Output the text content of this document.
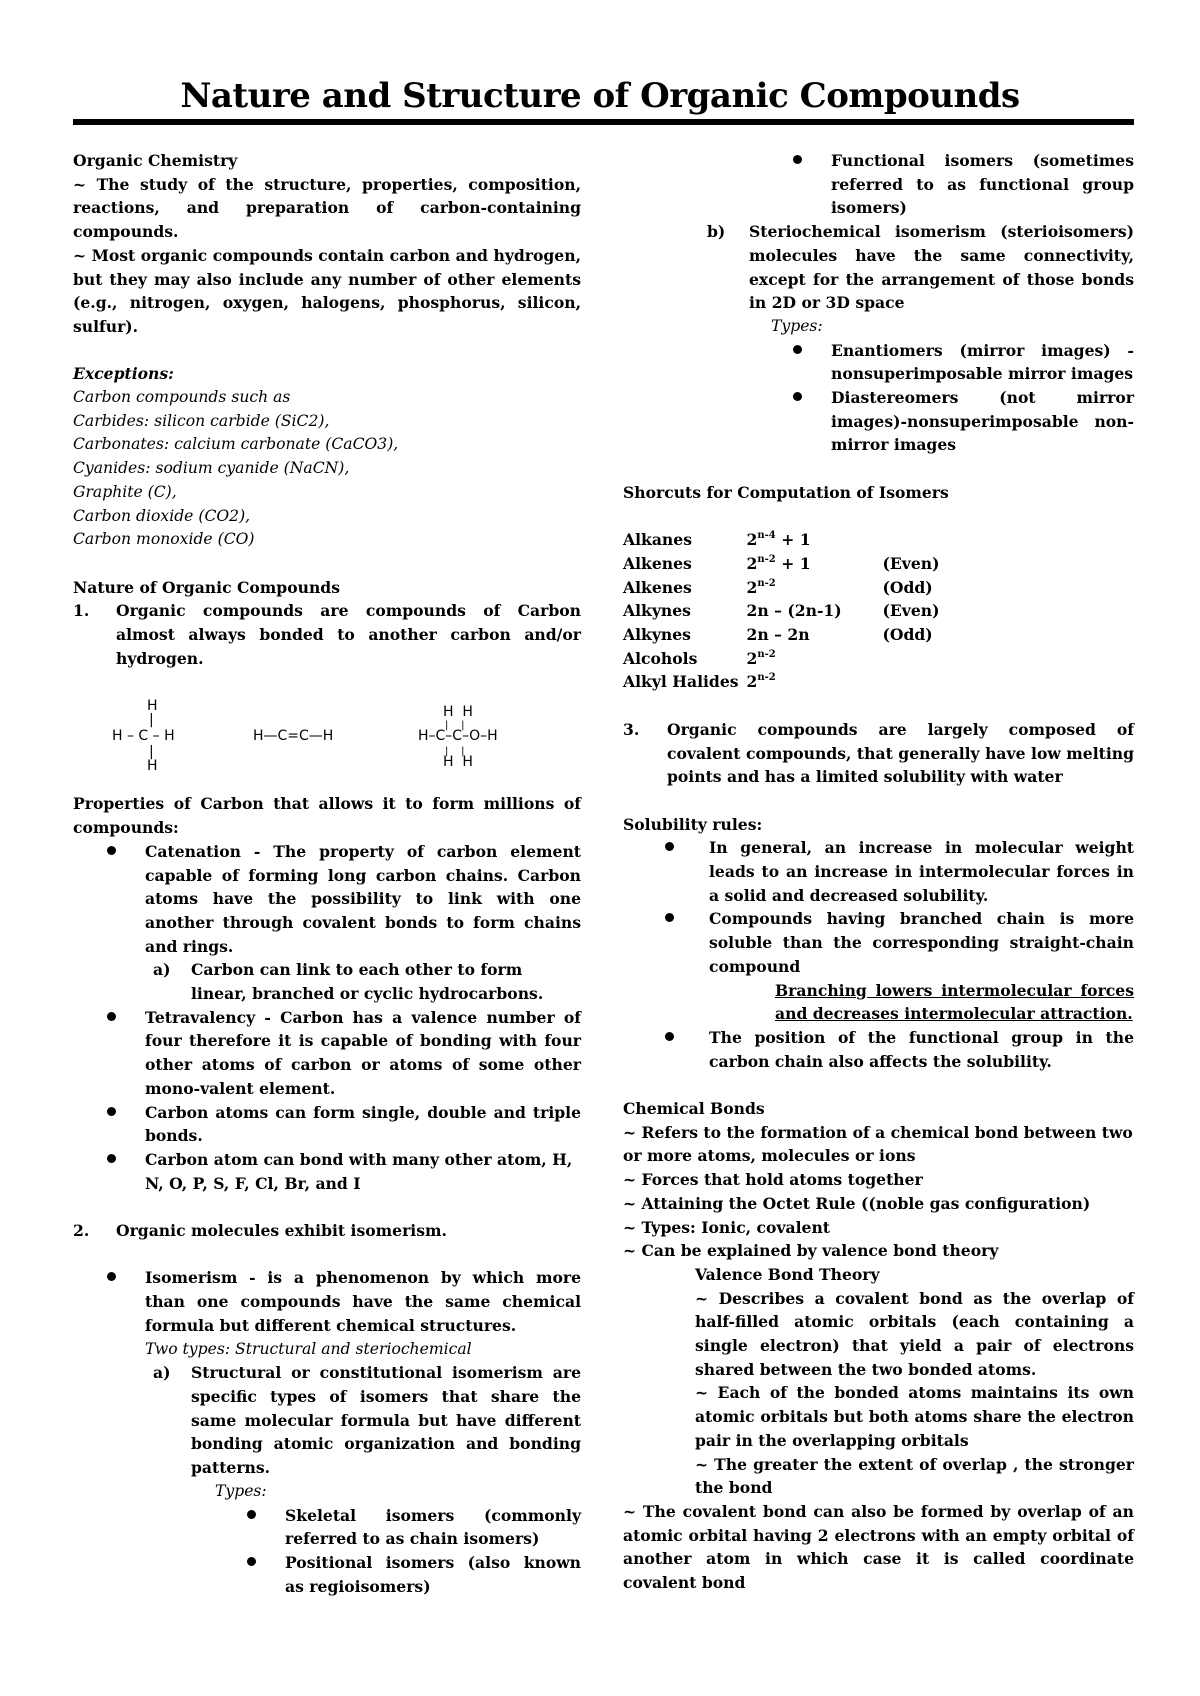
Nature and Structure of Organic Compounds

Organic Chemistry

~ The study of the structure, properties, composition, reactions, and preparation of carbon-containing compounds.

~ Most organic compounds contain carbon and hydrogen, but they may also include any number of other elements (e.g., nitrogen, oxygen, halogens, phosphorus, silicon, sulfur).

Exceptions:

Carbon compounds such as

Carbides: silicon carbide (SiC2),

Carbonates: calcium carbonate (CaCO3),

Cyanides: sodium cyanide (NaCN),

Graphite (C),

Carbon dioxide (CO2),

Carbon monoxide (CO)

Nature of Organic Compounds

1.	Organic compounds are compounds of Carbon almost always bonded to another carbon and/or hydrogen.
H
|
H – C – H
|
H
H—C=C—H
H  H
|    |
H–C–C–O–H
|    |
H  H

Properties of Carbon that allows it to form millions of compounds:

Catenation - The property of carbon element capable of forming long carbon chains. Carbon atoms have the possibility to link with one another through covalent bonds to form chains and rings.
a)	Carbon can link to each other to form linear, branched or cyclic hydrocarbons.
Tetravalency - Carbon has a valence number of four therefore it is capable of bonding with four other atoms of carbon or atoms of some other mono-valent element.
Carbon atoms can form single, double and triple bonds.
Carbon atom can bond with many other atom, H, N, O, P, S, F, Cl, Br, and I
2.	Organic molecules exhibit isomerism.
Isomerism - is a phenomenon by which more than one compounds have the same chemical formula but different chemical structures.

Two types: Structural and steriochemical

a)	Structural or constitutional isomerism are specific types of isomers that share the same molecular formula but have different bonding atomic organization and bonding patterns.

Types:

Skeletal isomers (commonly referred to as chain isomers)
Positional isomers (also known as regioisomers)
Functional isomers (sometimes referred to as functional group isomers)
b)	Steriochemical isomerism (sterioisomers) molecules have the same connectivity, except for the arrangement of those bonds in 2D or 3D space

Types:

Enantiomers (mirror images) - nonsuperimposable mirror images
Diastereomers (not mirror images)-nonsuperimposable non-mirror images

Shorcuts for Computation of Isomers

Alkanes	$2^{n-4} + 1$	
Alkenes	$2^{n-2} + 1$	(Even)
Alkenes	2$^{n-2}$	(Odd)
Alkynes	2n – (2n-1)	(Even)
Alkynes	2n – 2n	(Odd)
Alcohols	2$^{n-2}$	
Alkyl Halides	2$^{n-2}$	
3.	Organic compounds are largely composed of covalent compounds, that generally have low melting points and has a limited solubility with water

Solubility rules:

In general, an increase in molecular weight leads to an increase in intermolecular forces in a solid and decreased solubility.
Compounds having branched chain is more soluble than the corresponding straight-chain compound

Branching lowers intermolecular forces and decreases intermolecular attraction.

The position of the functional group in the carbon chain also affects the solubility.

Chemical Bonds

~ Refers to the formation of a chemical bond between two or more atoms, molecules or ions

~ Forces that hold atoms together

~ Attaining the Octet Rule ((noble gas configuration)

~ Types: Ionic, covalent

~ Can be explained by valence bond theory

Valence Bond Theory

~ Describes a covalent bond as the overlap of half-filled atomic orbitals (each containing a single electron) that yield a pair of electrons shared between the two bonded atoms.

~ Each of the bonded atoms maintains its own atomic orbitals but both atoms share the electron pair in the overlapping orbitals

~ The greater the extent of overlap , the stronger the bond

~ The covalent bond can also be formed by overlap of an atomic orbital having 2 electrons with an empty orbital of another atom in which case it is called coordinate covalent bond
